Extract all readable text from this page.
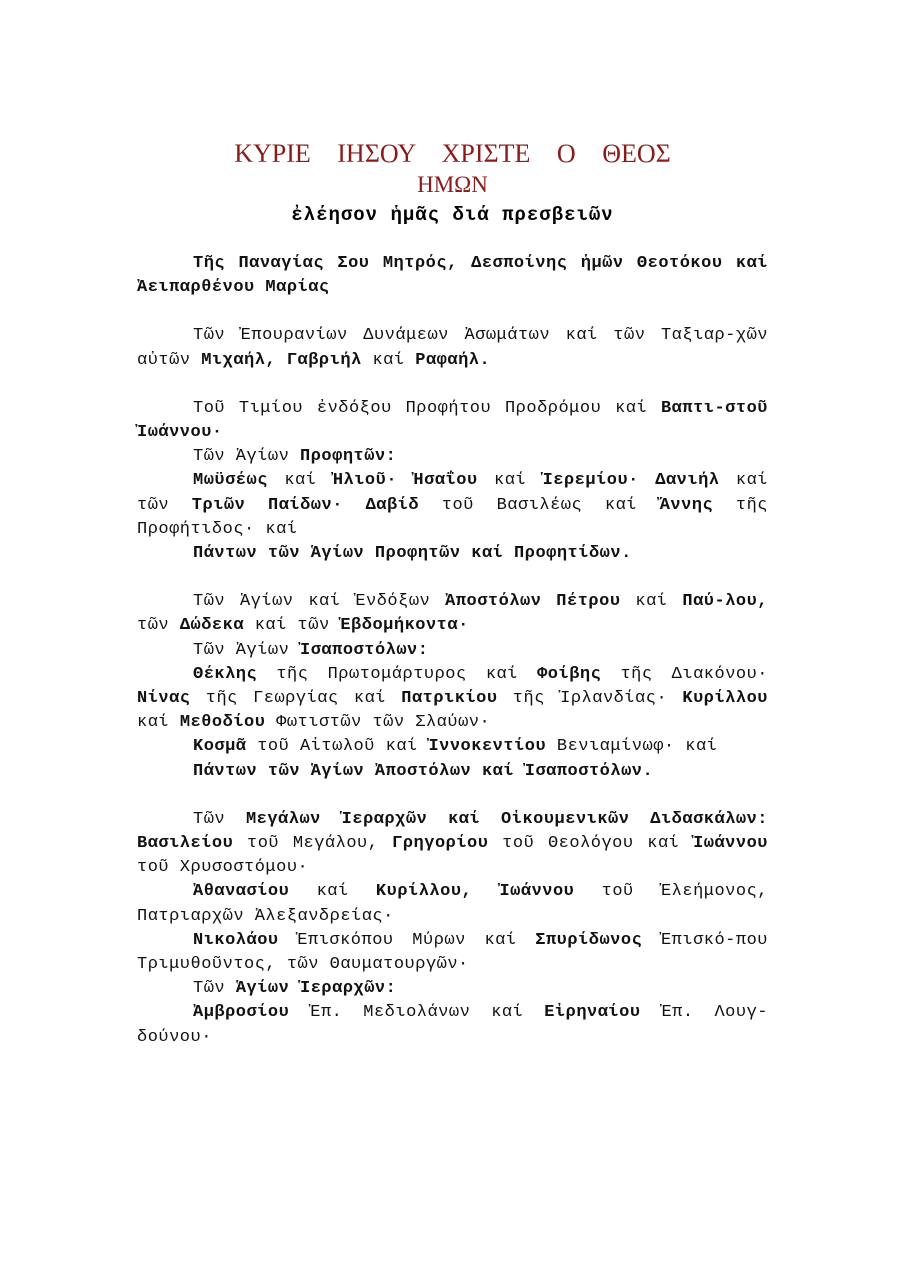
ΚΥΡΙΕ ΙΗΣΟΥ ΧΡΙΣΤΕ Ο ΘΕΟΣ

ΗΜΩΝ

ἐλέησον ἡμᾶς διά πρεσβειῶν

Τῆς Παναγίας Σου Μητρός, Δεσποίνης ἡμῶν Θεοτόκου καί Ἀειπαρθένου Μαρίας

Τῶν Ἐπουρανίων Δυνάμεων Ἀσωμάτων καί τῶν Ταξιαρ-χῶν αὐτῶν Μιχαήλ, Γαβριήλ καί Ραφαήλ.

Τοῦ Τιμίου ἐνδόξου Προφήτου Προδρόμου καί Βαπτι-στοῦ Ἰωάννου·

Τῶν Ἁγίων Προφητῶν:

Μωϋσέως καί Ἠλιοῦ· Ἠσαΐου καί Ἱερεμίου· Δανιήλ καί τῶν Τριῶν Παίδων· Δαβίδ τοῦ Βασιλέως καί Ἄννης τῆς Προφήτιδος· καί

Πάντων τῶν Ἁγίων Προφητῶν καί Προφητίδων.

Τῶν Ἁγίων καί Ἐνδόξων Ἀποστόλων Πέτρου καί Παύ-λου, τῶν Δώδεκα καί τῶν Ἑβδομήκοντα·

Τῶν Ἁγίων Ἰσαποστόλων:

Θέκλης τῆς Πρωτομάρτυρος καί Φοίβης τῆς Διακόνου· Νίνας τῆς Γεωργίας καί Πατρικίου τῆς Ἰρλανδίας· Κυρίλλου καί Μεθοδίου Φωτιστῶν τῶν Σλαύων·

Κοσμᾶ τοῦ Αἰτωλοῦ καί Ἰννοκεντίου Βενιαμίνωφ· καί

Πάντων τῶν Ἁγίων Ἀποστόλων καί Ἰσαποστόλων.

Τῶν Μεγάλων Ἱεραρχῶν καί Οἰκουμενικῶν Διδασκάλων: Βασιλείου τοῦ Μεγάλου, Γρηγορίου τοῦ Θεολόγου καί Ἰωάννου τοῦ Χρυσοστόμου·

Ἀθανασίου καί Κυρίλλου, Ἰωάννου τοῦ Ἐλεήμονος, Πατριαρχῶν Ἀλεξανδρείας·

Νικολάου Ἐπισκόπου Μύρων καί Σπυρίδωνος Ἐπισκό-που Τριμυθοῦντος, τῶν Θαυματουργῶν·

Τῶν Ἁγίων Ἱεραρχῶν:

Ἀμβροσίου Ἐπ. Μεδιολάνων καί Εἰρηναίου Ἐπ. Λουγ-δούνου·
